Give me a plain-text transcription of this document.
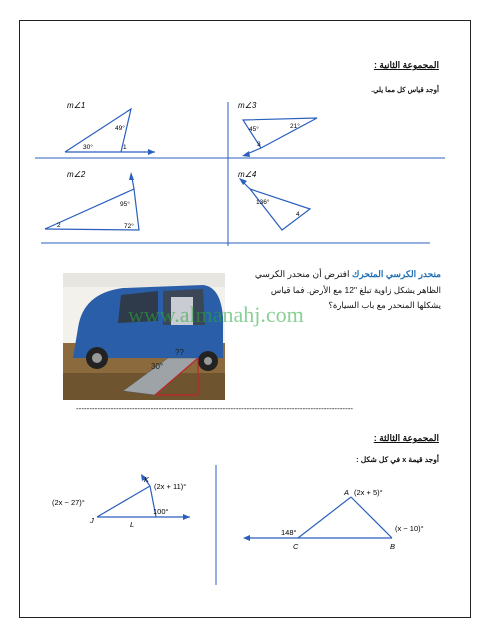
المجموعة الثانية :
أوجد قياس كل مما يلي.
m∠1
49°
30°	1
m∠3
21°
45°
3
m∠2
95°
2	72°
m∠4
136°
4
منحدر الكرسي المتحرك افترض أن منحدر الكرسي
الظاهر يشكل زاوية تبلغ "12 مع الأرض. فما قياس
يشكلها المنحدر مع باب السيارة؟
30°
??
www.almanahj.com
--------------------------------------------------------------------------------------------------------
المجموعة الثالثة :
أوجد قيمة x في كل شكل :
(2x − 27)°
J	L
K
(2x + 11)°
100°
A (2x + 5)°
B
(x − 10)°
C
148°
